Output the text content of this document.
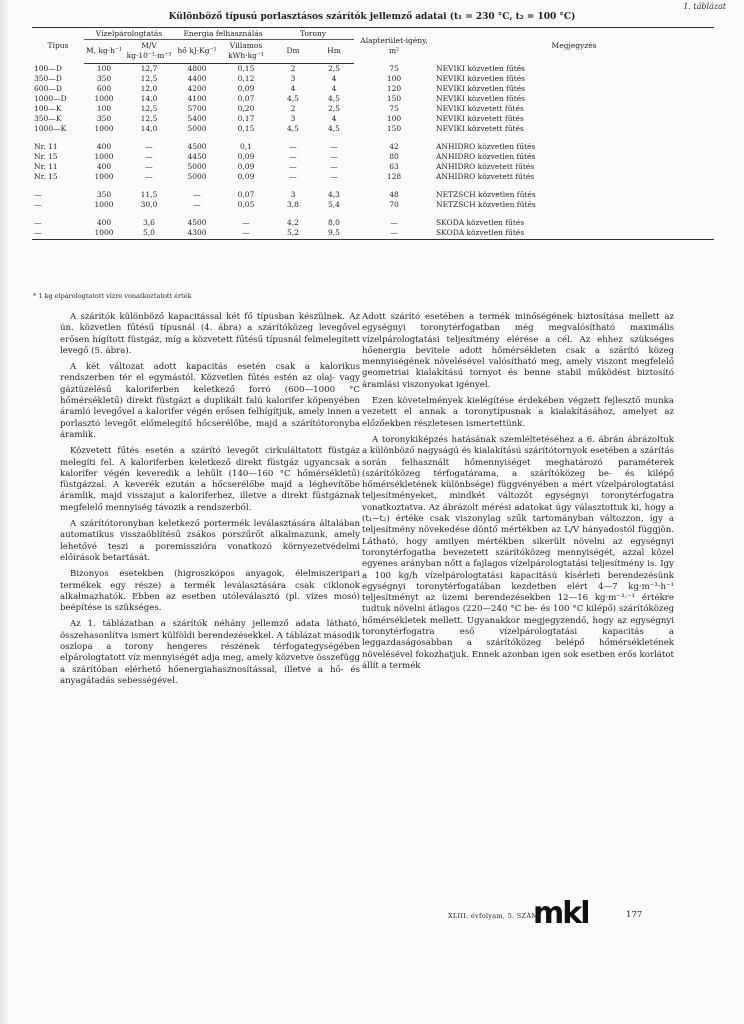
1. táblázat
Különböző típusú porlasztásos szárítók jellemző adatai (t₁ = 230 °C, t₂ = 100 °C)
Típus	Vízelpárologtatás		Energia felhasználás		Torony		Alapterület-igény, m²	Megjegyzés
	M, kg·h⁻¹	M/V kg·10⁻¹·m⁻³	hő kJ·Kg⁻¹	Villamos kWh·kg⁻¹	Dm	Hm		
100—D	100	12,7	4800	0,15	2	2,5	75	NEVIKI közvetlen fűtés
350—D	350	12,5	4400	0,12	3	4	100	NEVIKI közvetlen fűtés
600—D	600	12,0	4200	0,09	4	4	120	NEVIKI közvetlen fűtés
1000—D	1000	14,0	4100	0,07	4,5	4,5	150	NEVIKI közvetlen fűtés
100—K	100	12,5	5700	0,20	2	2,5	75	NEVIKI közvetett fűtés
350—K	350	12,5	5400	0,17	3	4	100	NEVIKI közvetett fűtés
1000—K	1000	14,0	5000	0,15	4,5	4,5	150	NEVIKI közvetett fűtés

Nr. 11	400	—	4500	0,1	—	—	42	ANHIDRO közvetlen fűtés
Nr. 15	1000	—	4450	0,09	—	—	80	ANHIDRO közvetlen fűtés
Nr. 11	400	—	5000	0,09	—	—	63	ANHIDRO közvetett fűtés
Nr. 15	1000	—	5000	0,09	—	—	128	ANHIDRO közvetett fűtés

—	350	11,5	—	0,07	3	4,3	48	NETZSCH közvetlen fűtés
—	1000	30,0	—	0,05	3,8	5,4	70	NETZSCH közvetlen fűtés

—	400	3,6	4500	—	4,2	8,0	—	SKODA közvetlen fűtés
—	1000	5,0	4300	—	5,2	9,5	—	SKODA közvetlen fűtés
* 1 kg elpárologtatott vízre vonatkoztatott érték

A szárítók különböző kapacitással két fő típusban készülnek. Az ún. közvetlen fűtésű típusnál (4. ábra) a szárítóközeg levegővel erősen hígított füstgáz, míg a közvetett fűtésű típusnál felmelegített levegő (5. ábra).

A két változat adott kapacitás esetén csak a kalorikus rendszerben tér el egymástól. Közvetlen fűtés estén az olaj- vagy gáztüzelésű kaloriferben keletkező forró (600—1000 °C hőmérsékletű) direkt füstgázt a duplikált falú kalorifer köpenyében áramló levegővel a kalorifer végén erősen felhígítjuk, amely innen a porlasztó levegőt előmelegítő hőcserélőbe, majd a szárítótoronyba áramlik.

Közvetett fűtés esetén a szárító levegőt cirkuláltatott füstgáz melegíti fel. A kaloriferben keletkező direkt füstgáz ugyancsak a kalorifer végén keveredik a lehűlt (140—160 °C hőmérsékletű) füstgázzal. A keverék ezután a hőcserélőbe majd a léghevítőbe áramlik, majd visszajut a kaloriferhez, illetve a direkt füstgáznak megfelelő mennyiség távozik a rendszerből.

A szárítótoronyban keletkező portermék leválasztására általában automatikus visszaöblítésű zsákos porszűrőt alkalmazunk, amely lehetővé teszi a poremisszióra vonatkozó környezetvédelmi előírások betartását.

Bizonyos esetekben (higroszkópos anyagok, élelmiszeripari termékek egy része) a termék leválasztására csak ciklonok alkalmazhatók. Ebben az esetben utóleválasztó (pl. vizes mosó) beépítése is szükséges.

Az 1. táblázatban a szárítók néhány jellemző adata látható, összehasonlítva ismert külföldi berendezésekkel. A táblázat második oszlopa a torony hengeres részének térfogategységében elpárologtatott víz mennyiségét adja meg, amely közvetve összefügg a szárítóban elérhető hőenergiahasznosítással, illetve a hő- és anyagátadás sebességével.

Adott szárító esetében a termék minőségének biztosítása mellett az egységnyi toronytérfogatban még megvalósítható maximális vízelpárologtatási teljesítmény elérése a cél. Az ehhez szükséges hőenergia bevitele adott hőmérsékleten csak a szárító közeg mennyiségének növelésével valósítható meg, amely viszont megfelelő geometriai kialakítású tornyot és benne stabil működést biztosító áramlási viszonyokat igényel.

Ezen követelmények kielégítése érdekében végzett fejlesztő munka vezetett el annak a toronytípusnak a kialakításához, amelyet az előzőekben részletesen ismertettünk.

A toronykiképzés hatásának szemléltetéséhez a 6. ábrán ábrázoltuk a különböző nagyságú és kialakítású szárítótornyok esetében a szárítás során felhasznált hőmennyiséget meghatározó paraméterek (szárítóközeg térfogatárama, a szárítóközeg be- és kilépő hőmérsékletének különbsége) függvényében a mért vízelpárologtatási teljesítményeket, mindkét változót egységnyi toronytérfogatra vonatkoztatva. Az ábrázolt mérési adatokat úgy választottuk ki, hogy a (t₁−t₂) értéke csak viszonylag szűk tartományban változzon, így a teljesítmény növekedése döntő mértékben az L/V hányadostól függjön. Látható, hogy amilyen mértékben sikerült növelni az egységnyi toronytérfogatba bevezetett szárítóközeg mennyiségét, azzal közel egyenes arányban nőtt a fajlagos vízelpárologtatási teljesítmény is. Így a 100 kg/h vízelpárologtatási kapacitású kísérleti berendezésünk egységnyi toronytérfogatában kezdetben elért 4—7 kg·m⁻³·h⁻¹ teljesítményt az üzemi berendezésekben 12—16 kg·m⁻³·⁻¹ értékre tudtuk növelni átlagos (220—240 °C be- és 100 °C kilépő) szárítóközeg hőmérsékletek mellett. Ugyanakkor megjegyzendő, hogy az egységnyi toronytérfogatra eső vízelpárologtatási kapacitás a leggazdaságosabban a szárítóközeg belépő hőmérsékletének növelésével fokozhatjuk. Ennek azonban igen sok esetben erős korlátot állít a termék

XLIII. évfolyam, 5. SZÁM
mkl	177
